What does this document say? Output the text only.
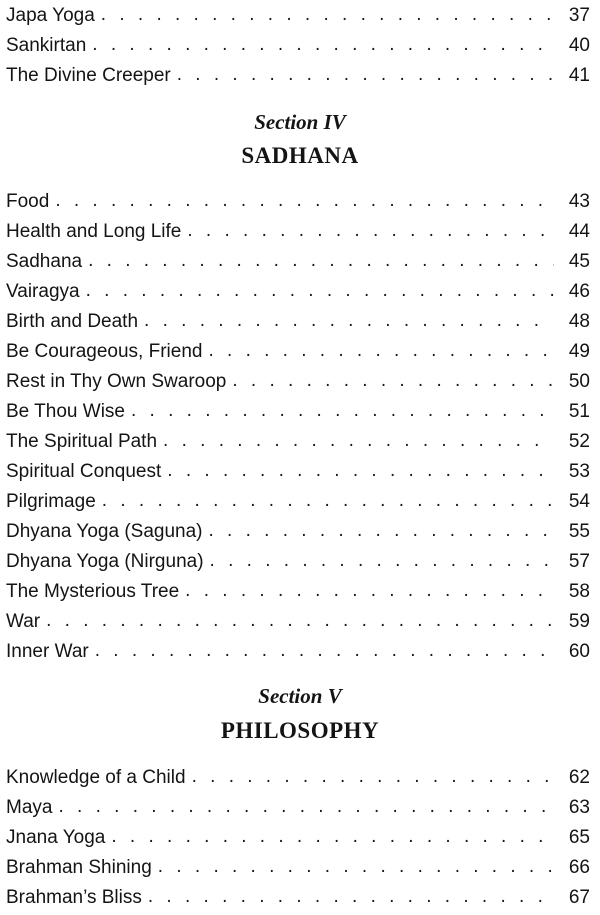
Japa Yoga . . .	37
Sankirtan . . .	40
The Divine Creeper . . .	41
Section IV
SADHANA
Food . . .	43
Health and Long Life . . .	44
Sadhana . . .	45
Vairagya . . .	46
Birth and Death . . .	48
Be Courageous, Friend . . .	49
Rest in Thy Own Swaroop . . .	50
Be Thou Wise . . .	51
The Spiritual Path . . .	52
Spiritual Conquest . . .	53
Pilgrimage . . .	54
Dhyana Yoga (Saguna) . . .	55
Dhyana Yoga (Nirguna) . . .	57
The Mysterious Tree . . .	58
War . . .	59
Inner War . . .	60
Section V
PHILOSOPHY
Knowledge of a Child . . .	62
Maya . . .	63
Jnana Yoga . . .	65
Brahman Shining . . .	66
Brahman’s Bliss . . .	67
